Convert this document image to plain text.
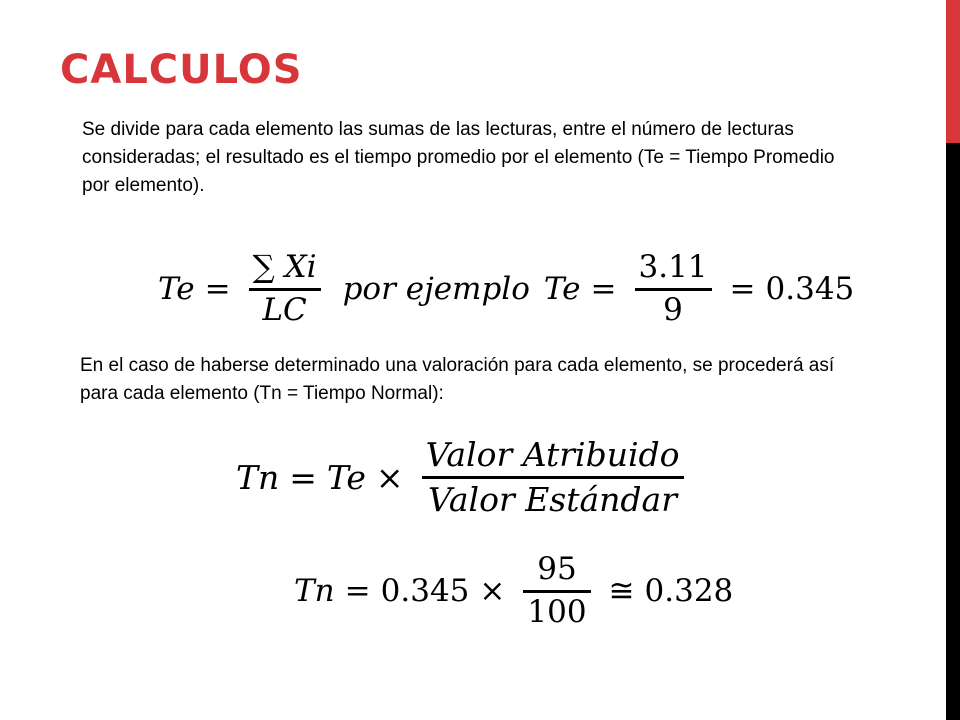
CALCULOS

Se divide para cada elemento las sumas de las lecturas, entre el número de lecturas consideradas; el resultado es el tiempo promedio por el elemento (Te = Tiempo Promedio por elemento).

$Te = \frac{\sum Xi}{LC}$ por ejemplo $Te = \frac{3.11}{9} = 0.345$

En el caso de haberse determinado una valoración para cada elemento, se procederá así para cada elemento (Tn = Tiempo Normal):

$Tn = Te \times \frac{\text{Valor Atribuido}}{\text{Valor Estándar}}$
$Tn = 0.345 \times \frac{95}{100}$ ≅ 0.328
